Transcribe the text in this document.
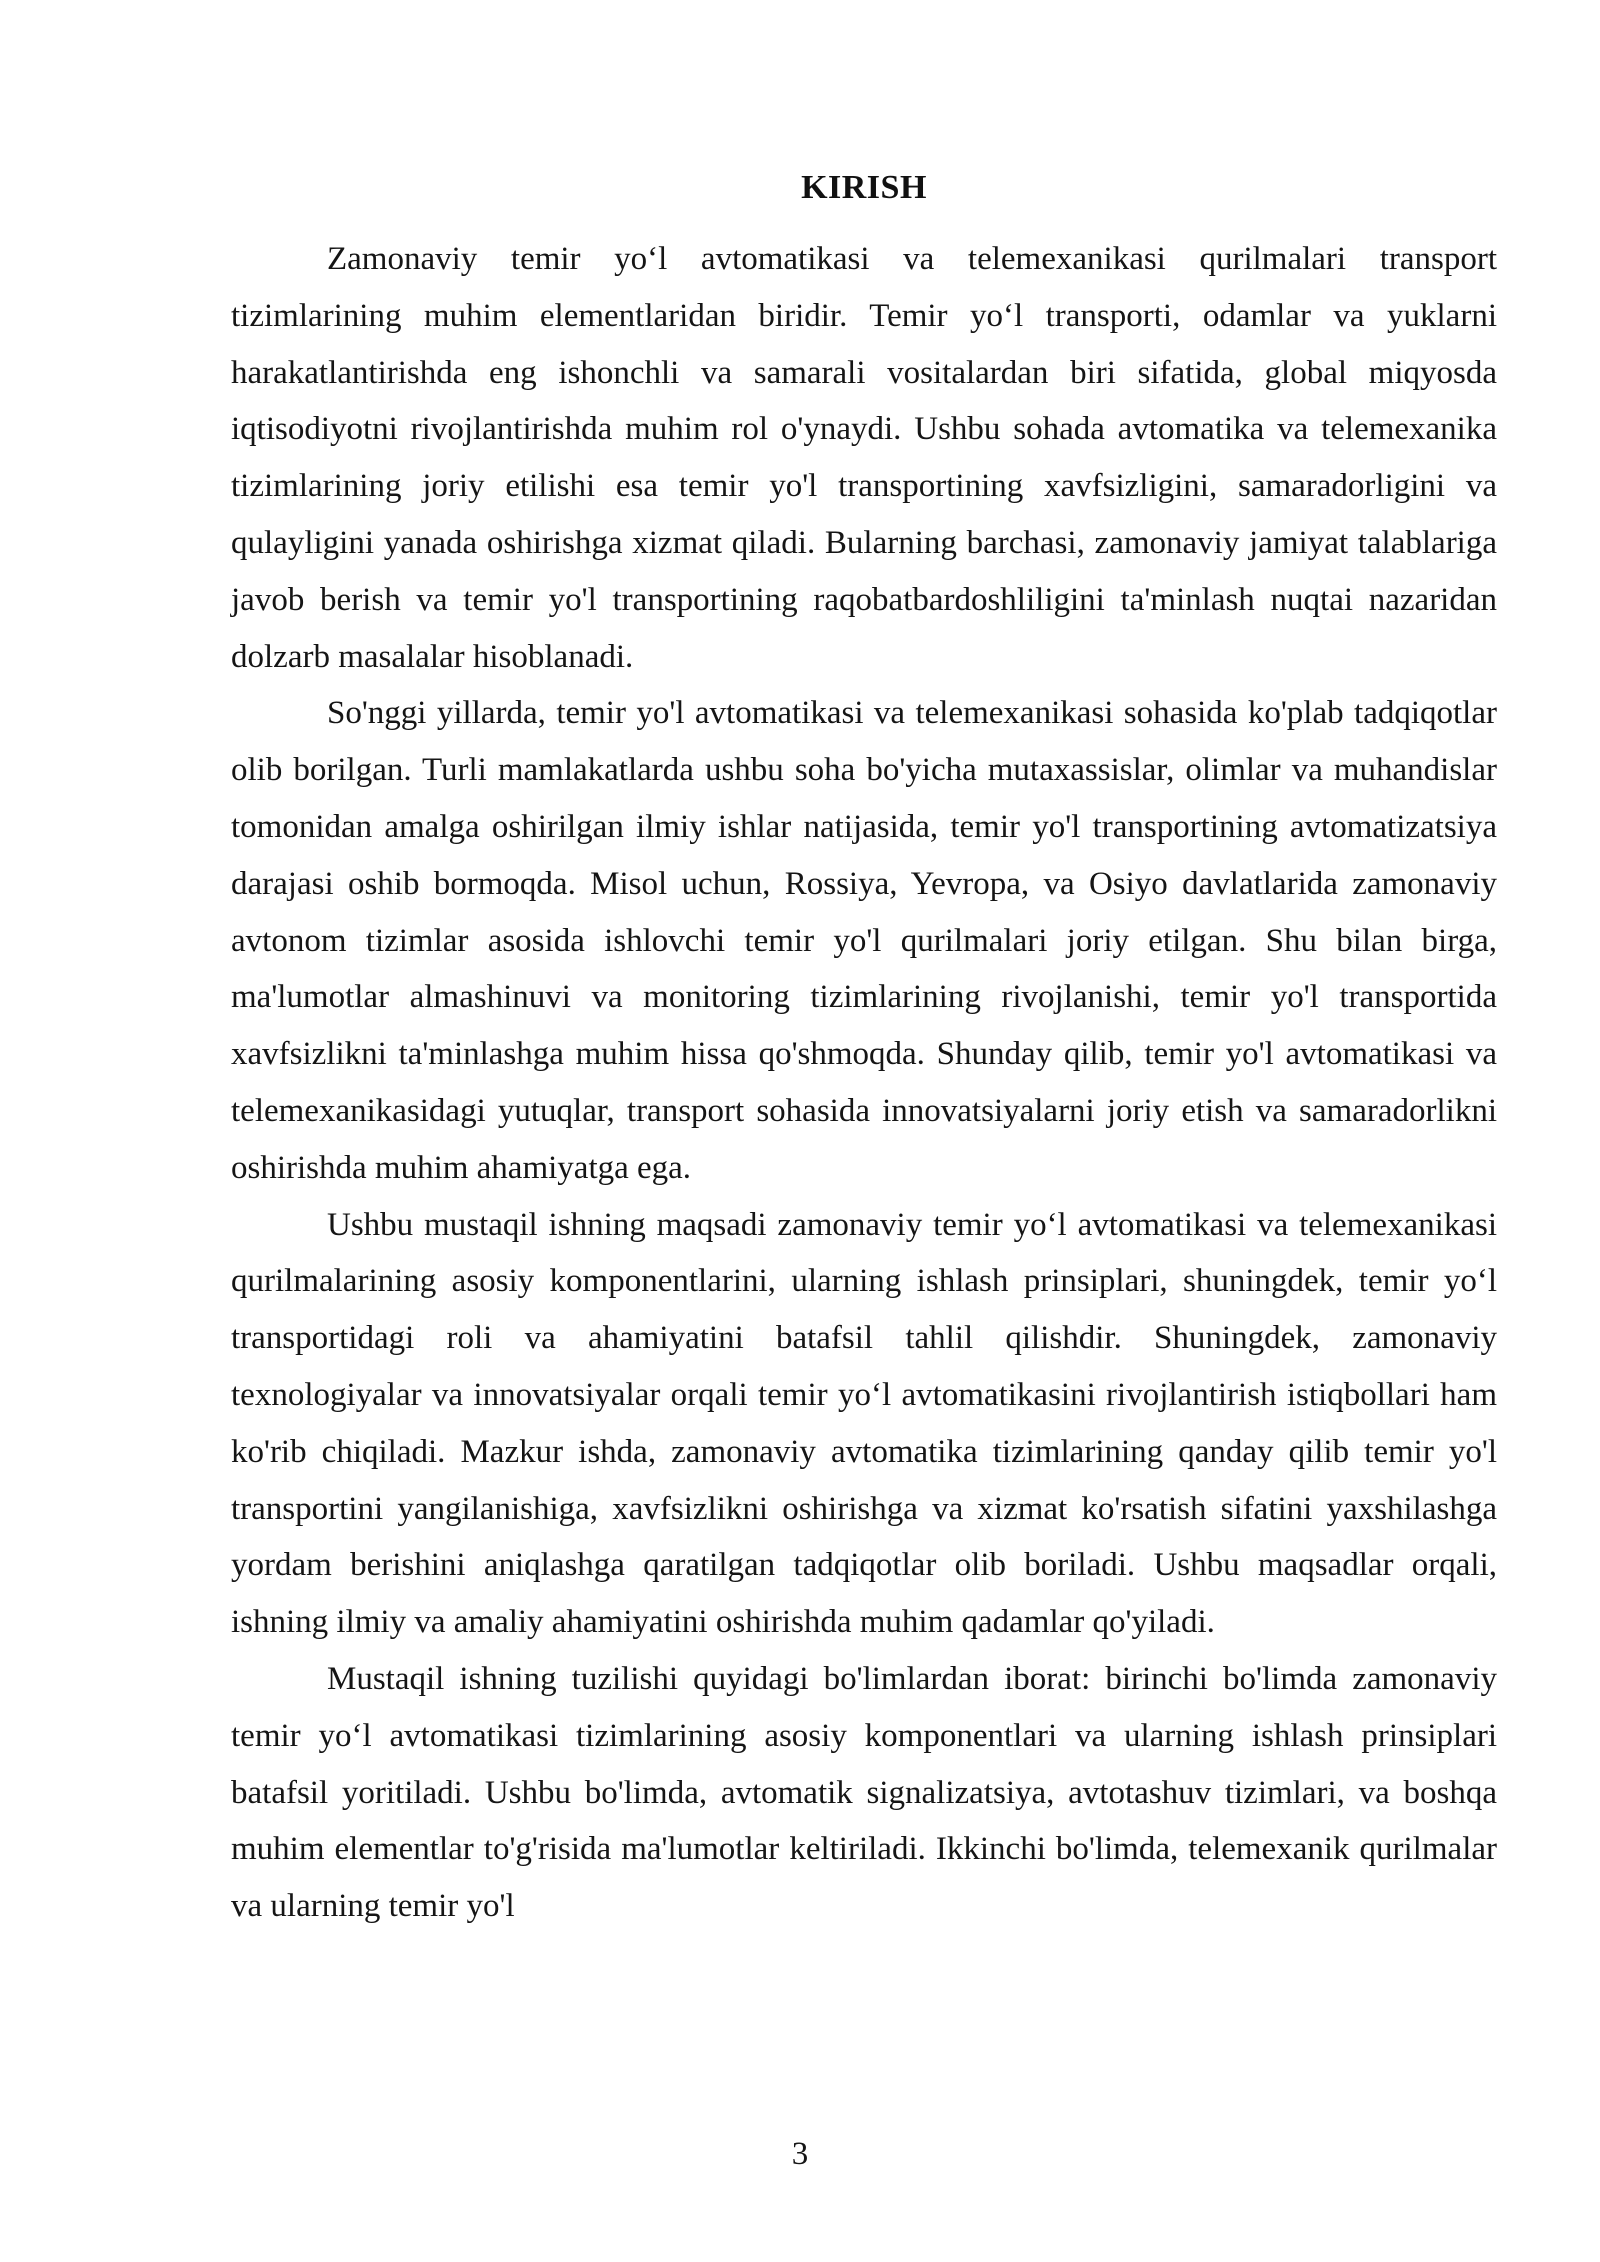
KIRISH

Zamonaviy temir yo‘l avtomatikasi va telemexanikasi qurilmalari transport tizimlarining muhim elementlaridan biridir. Temir yo‘l transporti, odamlar va yuklarni harakatlantirishda eng ishonchli va samarali vositalardan biri sifatida, global miqyosda iqtisodiyotni rivojlantirishda muhim rol o'ynaydi. Ushbu sohada avtomatika va telemexanika tizimlarining joriy etilishi esa temir yo'l transportining xavfsizligini, samaradorligini va qulayligini yanada oshirishga xizmat qiladi. Bularning barchasi, zamonaviy jamiyat talablariga javob berish va temir yo'l transportining raqobatbardoshliligini ta'minlash nuqtai nazaridan dolzarb masalalar hisoblanadi.

So'nggi yillarda, temir yo'l avtomatikasi va telemexanikasi sohasida ko'plab tadqiqotlar olib borilgan. Turli mamlakatlarda ushbu soha bo'yicha mutaxassislar, olimlar va muhandislar tomonidan amalga oshirilgan ilmiy ishlar natijasida, temir yo'l transportining avtomatizatsiya darajasi oshib bormoqda. Misol uchun, Rossiya, Yevropa, va Osiyo davlatlarida zamonaviy avtonom tizimlar asosida ishlovchi temir yo'l qurilmalari joriy etilgan. Shu bilan birga, ma'lumotlar almashinuvi va monitoring tizimlarining rivojlanishi, temir yo'l transportida xavfsizlikni ta'minlashga muhim hissa qo'shmoqda. Shunday qilib, temir yo'l avtomatikasi va telemexanikasidagi yutuqlar, transport sohasida innovatsiyalarni joriy etish va samaradorlikni oshirishda muhim ahamiyatga ega.

Ushbu mustaqil ishning maqsadi zamonaviy temir yo‘l avtomatikasi va telemexanikasi qurilmalarining asosiy komponentlarini, ularning ishlash prinsiplari, shuningdek, temir yo‘l transportidagi roli va ahamiyatini batafsil tahlil qilishdir. Shuningdek, zamonaviy texnologiyalar va innovatsiyalar orqali temir yo‘l avtomatikasini rivojlantirish istiqbollari ham ko'rib chiqiladi. Mazkur ishda, zamonaviy avtomatika tizimlarining qanday qilib temir yo'l transportini yangilanishiga, xavfsizlikni oshirishga va xizmat ko'rsatish sifatini yaxshilashga yordam berishini aniqlashga qaratilgan tadqiqotlar olib boriladi. Ushbu maqsadlar orqali, ishning ilmiy va amaliy ahamiyatini oshirishda muhim qadamlar qo'yiladi.

Mustaqil ishning tuzilishi quyidagi bo'limlardan iborat: birinchi bo'limda zamonaviy temir yo‘l avtomatikasi tizimlarining asosiy komponentlari va ularning ishlash prinsiplari batafsil yoritiladi. Ushbu bo'limda, avtomatik signalizatsiya, avtotashuv tizimlari, va boshqa muhim elementlar to'g'risida ma'lumotlar keltiriladi. Ikkinchi bo'limda, telemexanik qurilmalar va ularning temir yo'l

3
